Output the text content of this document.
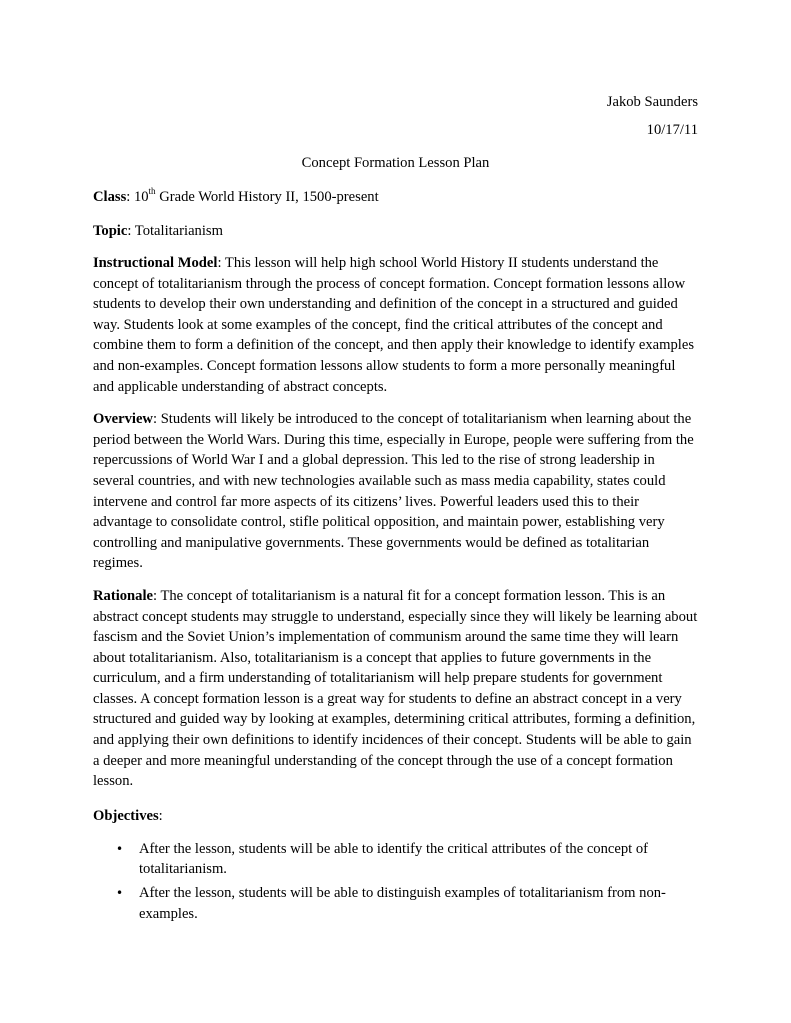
Jakob Saunders

10/17/11

Concept Formation Lesson Plan

Class: 10th Grade World History II, 1500-present

Topic: Totalitarianism

Instructional Model: This lesson will help high school World History II students understand the concept of totalitarianism through the process of concept formation. Concept formation lessons allow students to develop their own understanding and definition of the concept in a structured and guided way. Students look at some examples of the concept, find the critical attributes of the concept and combine them to form a definition of the concept, and then apply their knowledge to identify examples and non-examples. Concept formation lessons allow students to form a more personally meaningful and applicable understanding of abstract concepts.

Overview: Students will likely be introduced to the concept of totalitarianism when learning about the period between the World Wars. During this time, especially in Europe, people were suffering from the repercussions of World War I and a global depression. This led to the rise of strong leadership in several countries, and with new technologies available such as mass media capability, states could intervene and control far more aspects of its citizens’ lives. Powerful leaders used this to their advantage to consolidate control, stifle political opposition, and maintain power, establishing very controlling and manipulative governments. These governments would be defined as totalitarian regimes.

Rationale: The concept of totalitarianism is a natural fit for a concept formation lesson. This is an abstract concept students may struggle to understand, especially since they will likely be learning about fascism and the Soviet Union’s implementation of communism around the same time they will learn about totalitarianism. Also, totalitarianism is a concept that applies to future governments in the curriculum, and a firm understanding of totalitarianism will help prepare students for government classes. A concept formation lesson is a great way for students to define an abstract concept in a very structured and guided way by looking at examples, determining critical attributes, forming a definition, and applying their own definitions to identify incidences of their concept. Students will be able to gain a deeper and more meaningful understanding of the concept through the use of a concept formation lesson.

Objectives:

• After the lesson, students will be able to identify the critical attributes of the concept of totalitarianism.
• After the lesson, students will be able to distinguish examples of totalitarianism from non-examples.
